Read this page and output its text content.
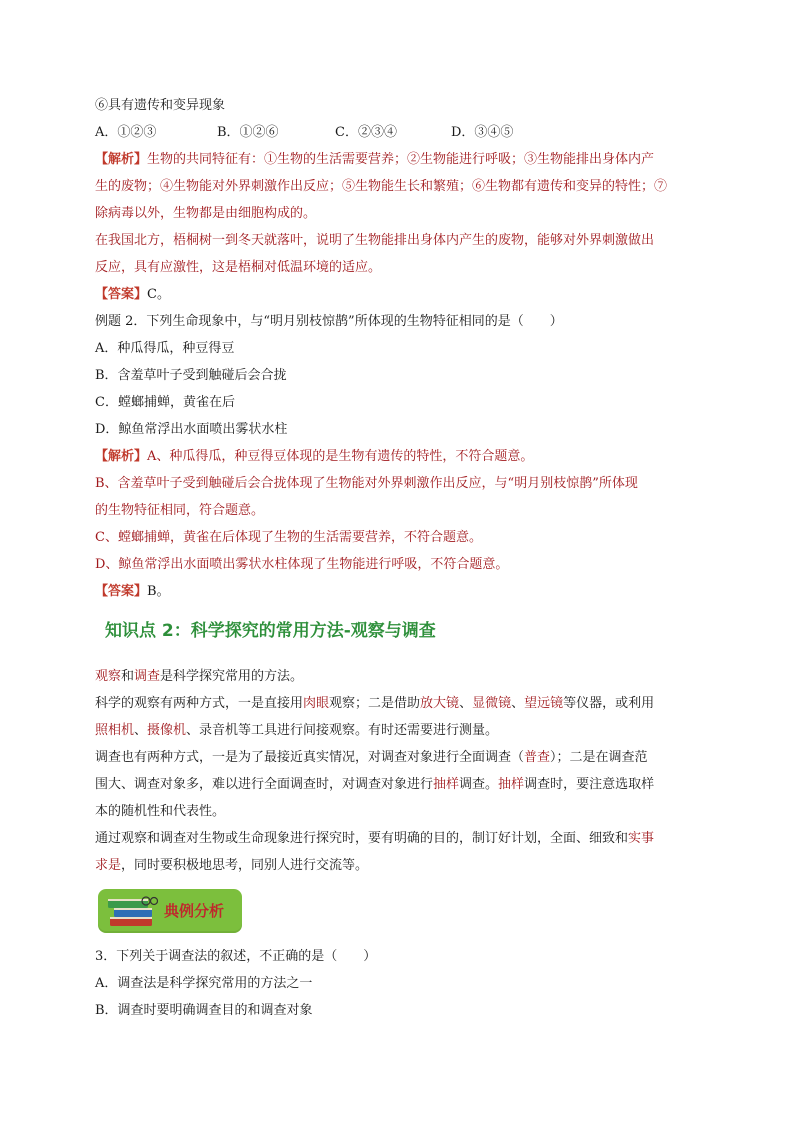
⑥具有遗传和变异现象
A．①②③	B．①②⑥	C．②③④	D．③④⑤
【解析】生物的共同特征有：①生物的生活需要营养；②生物能进行呼吸；③生物能排出身体内产
生的废物；④生物能对外界刺激作出反应；⑤生物能生长和繁殖；⑥生物都有遗传和变异的特性；⑦
除病毒以外，生物都是由细胞构成的。
在我国北方，梧桐树一到冬天就落叶，说明了生物能排出身体内产生的废物，能够对外界刺激做出
反应，具有应激性，这是梧桐对低温环境的适应。
【答案】C。
例题 2．下列生命现象中，与“明月别枝惊鹊”所体现的生物特征相同的是（　　）
A．种瓜得瓜，种豆得豆
B．含羞草叶子受到触碰后会合拢
C．螳螂捕蝉，黄雀在后
D．鲸鱼常浮出水面喷出雾状水柱
【解析】A、种瓜得瓜，种豆得豆体现的是生物有遗传的特性，不符合题意。
B、含羞草叶子受到触碰后会合拢体现了生物能对外界刺激作出反应，与“明月别枝惊鹊”所体现
的生物特征相同，符合题意。
C、螳螂捕蝉，黄雀在后体现了生物的生活需要营养，不符合题意。
D、鲸鱼常浮出水面喷出雾状水柱体现了生物能进行呼吸，不符合题意。
【答案】B。
知识点 2：科学探究的常用方法-观察与调查
观察和调查是科学探究常用的方法。
科学的观察有两种方式，一是直接用肉眼观察；二是借助放大镜、显微镜、望远镜等仪器，或利用
照相机、摄像机、录音机等工具进行间接观察。有时还需要进行测量。
调查也有两种方式，一是为了最接近真实情况，对调查对象进行全面调查（普查）；二是在调查范
围大、调查对象多，难以进行全面调查时，对调查对象进行抽样调查。抽样调查时，要注意选取样
本的随机性和代表性。
通过观察和调查对生物或生命现象进行探究时，要有明确的目的，制订好计划，全面、细致和实事
求是，同时要积极地思考，同别人进行交流等。
典例分析
3．下列关于调查法的叙述，不正确的是（　　）
A．调查法是科学探究常用的方法之一
B．调查时要明确调查目的和调查对象
